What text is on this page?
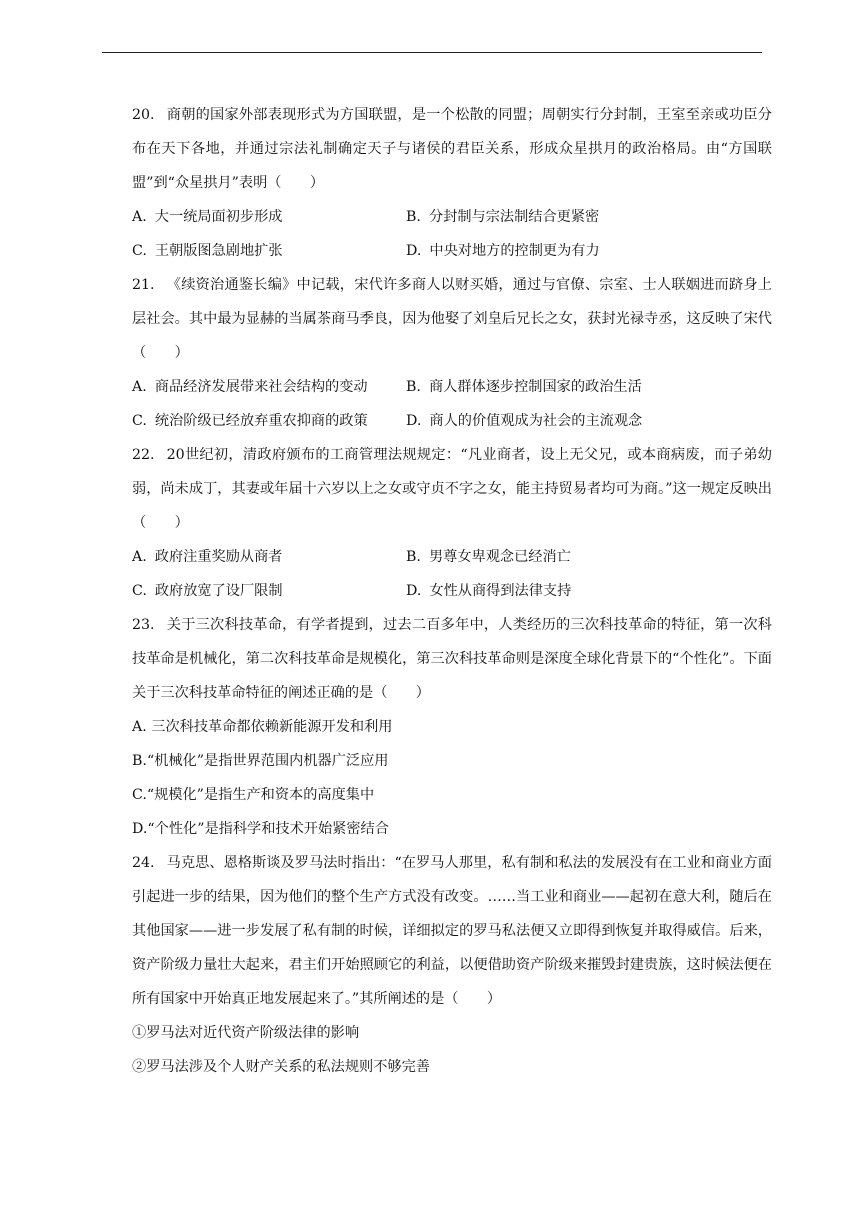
20. 商朝的国家外部表现形式为方国联盟，是一个松散的同盟；周朝实行分封制，王室至亲或功臣分布在天下各地，并通过宗法礼制确定天子与诸侯的君臣关系，形成众星拱月的政治格局。由“方国联盟”到“众星拱月”表明（　　）

A. 大一统局面初步形成	B. 分封制与宗法制结合更紧密
C. 王朝版图急剧地扩张	D. 中央对地方的控制更为有力

21. 《续资治通鉴长编》中记载，宋代许多商人以财买婚，通过与官僚、宗室、士人联姻进而跻身上层社会。其中最为显赫的当属茶商马季良，因为他娶了刘皇后兄长之女，获封光禄寺丞，这反映了宋代（　　）

A. 商品经济发展带来社会结构的变动	B. 商人群体逐步控制国家的政治生活
C. 统治阶级已经放弃重农抑商的政策	D. 商人的价值观成为社会的主流观念

22. 20世纪初，清政府颁布的工商管理法规规定：“凡业商者，设上无父兄，或本商病废，而子弟幼弱，尚未成丁，其妻或年届十六岁以上之女或守贞不字之女，能主持贸易者均可为商。”这一规定反映出（　　）

A. 政府注重奖励从商者	B. 男尊女卑观念已经消亡
C. 政府放宽了设厂限制	D. 女性从商得到法律支持

23. 关于三次科技革命，有学者提到，过去二百多年中，人类经历的三次科技革命的特征，第一次科技革命是机械化，第二次科技革命是规模化，第三次科技革命则是深度全球化背景下的“个性化”。下面关于三次科技革命特征的阐述正确的是（　　）

A. 三次科技革命都依赖新能源开发和利用
B.“机械化”是指世界范围内机器广泛应用
C.“规模化”是指生产和资本的高度集中
D.“个性化”是指科学和技术开始紧密结合

24. 马克思、恩格斯谈及罗马法时指出：“在罗马人那里，私有制和私法的发展没有在工业和商业方面引起进一步的结果，因为他们的整个生产方式没有改变。……当工业和商业——起初在意大利，随后在其他国家——进一步发展了私有制的时候，详细拟定的罗马私法便又立即得到恢复并取得威信。后来，资产阶级力量壮大起来，君主们开始照顾它的利益，以便借助资产阶级来摧毁封建贵族，这时候法便在所有国家中开始真正地发展起来了。”其所阐述的是（　　）

①罗马法对近代资产阶级法律的影响
②罗马法涉及个人财产关系的私法规则不够完善
